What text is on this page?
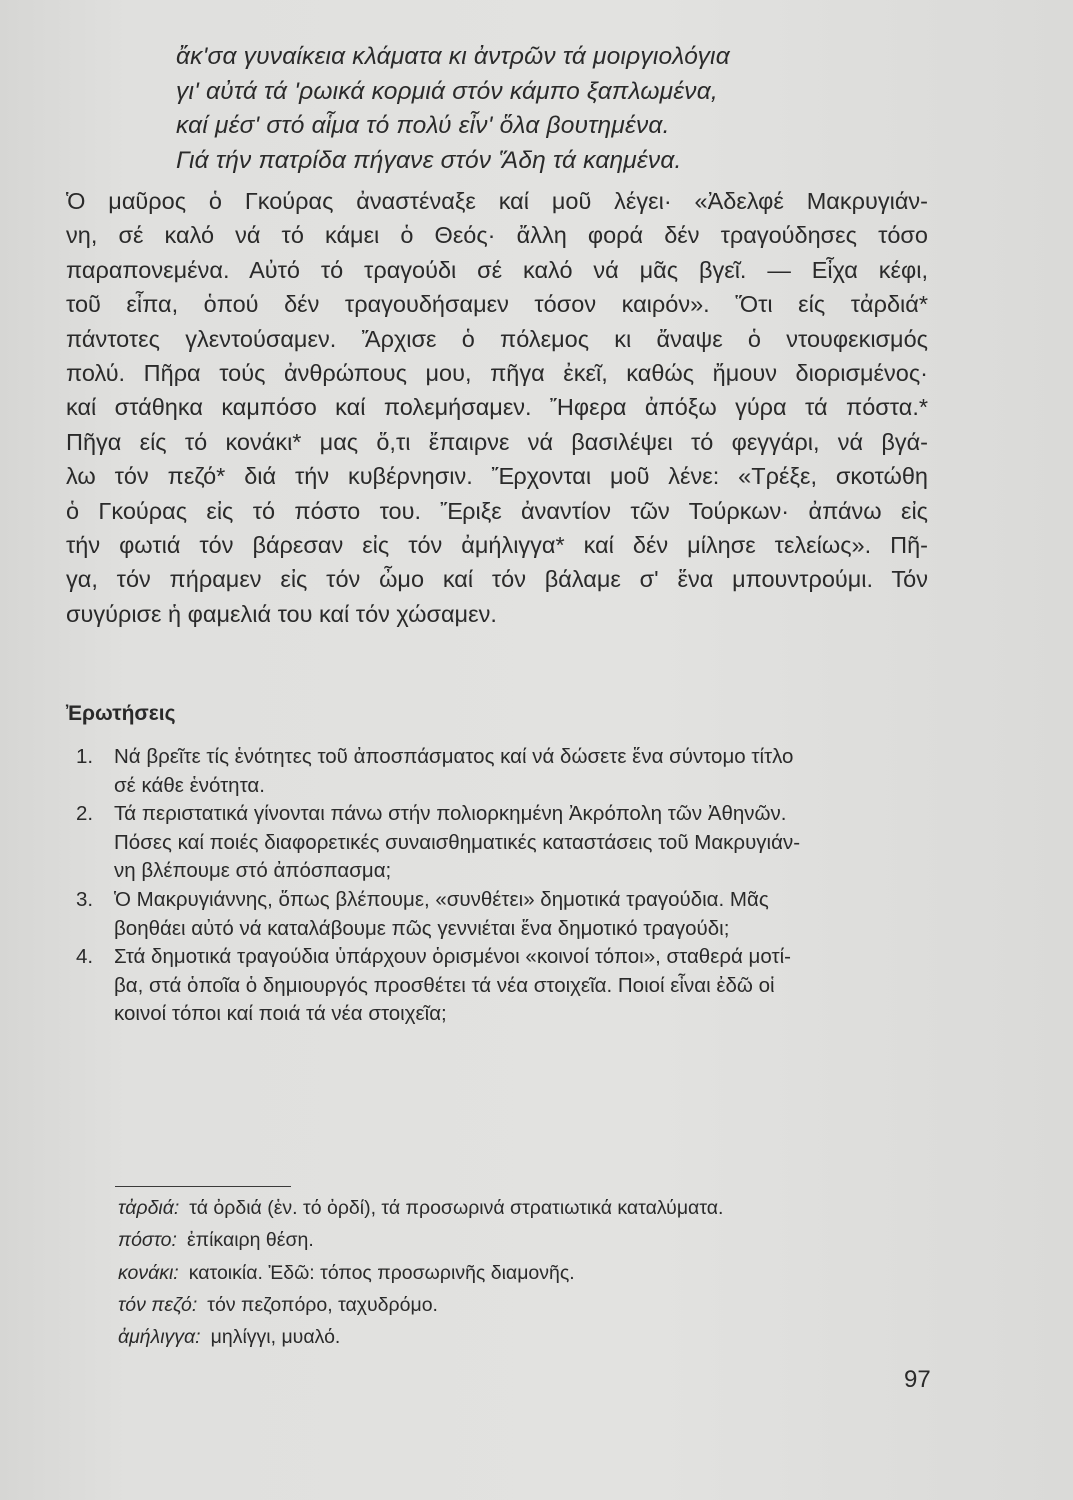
ἄκ'σα γυναίκεια κλάματα κι ἀντρῶν τά μοιργιολόγια
γι' αὐτά τά 'ρωικά κορμιά στόν κάμπο ξαπλωμένα,
καί μέσ' στό αἷμα τό πολύ εἶν' ὅλα βουτημένα.
Γιά τήν πατρίδα πήγανε στόν Ἅδη τά καημένα.
Ὁ μαῦρος ὁ Γκούρας ἀναστέναξε καί μοῦ λέγει· «Ἀδελφέ Μακρυγιάν-
νη, σέ καλό νά τό κάμει ὁ Θεός· ἄλλη φορά δέν τραγούδησες τόσο
παραπονεμένα. Αὐτό τό τραγούδι σέ καλό νά μᾶς βγεῖ. — Εἶχα κέφι,
τοῦ εἶπα, ὁπού δέν τραγουδήσαμεν τόσον καιρόν». Ὅτι είς τἀρδιά*
πάντοτες γλεντούσαμεν. Ἄρχισε ὁ πόλεμος κι ἄναψε ὁ ντουφεκισμός
πολύ. Πῆρα τούς ἀνθρώπους μου, πῆγα ἐκεῖ, καθώς ἤμουν διορισμένος·
καί στάθηκα καμπόσο καί πολεμήσαμεν. Ἤφερα ἀπόξω γύρα τά πόστα.*
Πῆγα είς τό κονάκι* μας ὅ,τι ἔπαιρνε νά βασιλέψει τό φεγγάρι, νά βγά-
λω τόν πεζό* διά τήν κυβέρνησιν. Ἔρχονται μοῦ λένε: «Τρέξε, σκοτώθη
ὁ Γκούρας εἰς τό πόστο του. Ἔριξε ἀναντίον τῶν Τούρκων· ἀπάνω εἰς
τήν φωτιά τόν βάρεσαν εἰς τόν ἀμήλιγγα* καί δέν μίλησε τελείως». Πῆ-
γα, τόν πήραμεν εἰς τόν ὦμο καί τόν βάλαμε σ' ἕνα μπουντρούμι. Τόν
συγύρισε ἡ φαμελιά του καί τόν χώσαμεν.
Ἐρωτήσεις
1. Νά βρεῖτε τίς ἑνότητες τοῦ ἀποσπάσματος καί νά δώσετε ἕνα σύντομο τίτλο
σέ κάθε ἑνότητα.
2. Τά περιστατικά γίνονται πάνω στήν πολιορκημένη Ἀκρόπολη τῶν Ἀθηνῶν.
Πόσες καί ποιές διαφορετικές συναισθηματικές καταστάσεις τοῦ Μακρυγιάν-
νη βλέπουμε στό ἀπόσπασμα;
3. Ὁ Μακρυγιάννης, ὅπως βλέπουμε, «συνθέτει» δημοτικά τραγούδια. Μᾶς
βοηθάει αὐτό νά καταλάβουμε πῶς γεννιέται ἕνα δημοτικό τραγούδι;
4. Στά δημοτικά τραγούδια ὑπάρχουν ὁρισμένοι «κοινοί τόποι», σταθερά μοτί-
βα, στά ὁποῖα ὁ δημιουργός προσθέτει τά νέα στοιχεῖα. Ποιοί εἶναι ἐδῶ οἱ
κοινοί τόποι καί ποιά τά νέα στοιχεῖα;
τἀρδιά: τά ὀρδιά (ἑν. τό ὀρδί), τά προσωρινά στρατιωτικά καταλύματα.
πόστο: ἐπίκαιρη θέση.
κονάκι: κατοικία. Ἐδῶ: τόπος προσωρινῆς διαμονῆς.
τόν πεζό: τόν πεζοπόρο, ταχυδρόμο.
ἀμήλιγγα: μηλίγγι, μυαλό.
97
